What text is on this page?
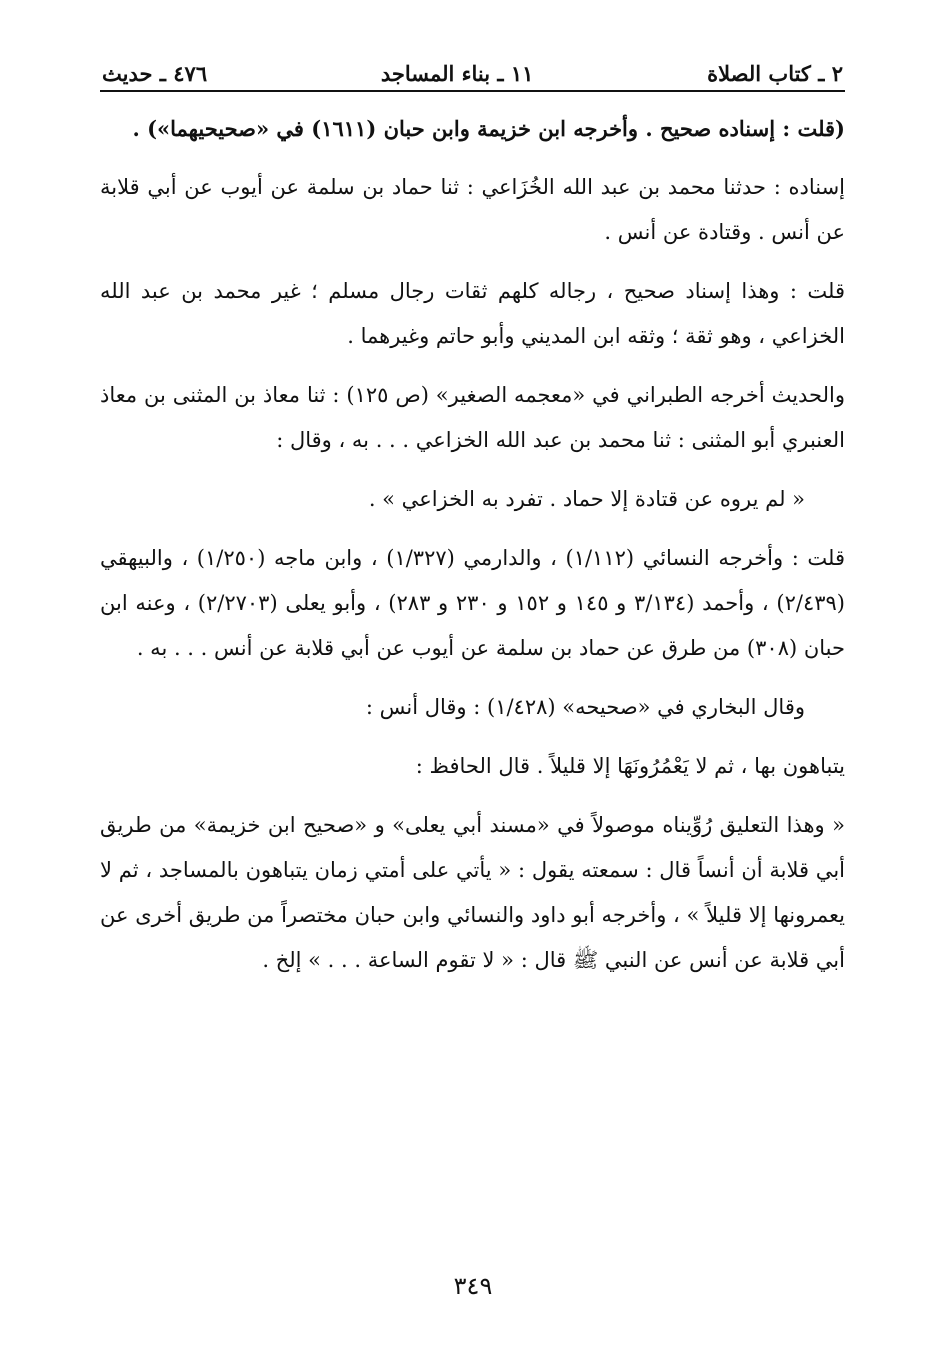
٢ ـ كتاب الصلاة
١١ ـ بناء المساجد
٤٧٦ ـ حديث

(قلت : إسناده صحيح . وأخرجه ابن خزيمة وابن حبان (١٦١١) في «صحيحيهما») .

إسناده : حدثنا محمد بن عبد الله الخُزَاعي : ثنا حماد بن سلمة عن أيوب عن أبي قلابة عن أنس . وقتادة عن أنس .

قلت : وهذا إسناد صحيح ، رجاله كلهم ثقات رجال مسلم ؛ غير محمد بن عبد الله الخزاعي ، وهو ثقة ؛ وثقه ابن المديني وأبو حاتم وغيرهما .

والحديث أخرجه الطبراني في «معجمه الصغير» (ص ١٢٥) : ثنا معاذ بن المثنى بن معاذ العنبري أبو المثنى : ثنا محمد بن عبد الله الخزاعي . . . به ، وقال :

« لم يروه عن قتادة إلا حماد . تفرد به الخزاعي » .

قلت : وأخرجه النسائي (١/١١٢) ، والدارمي (١/٣٢٧) ، وابن ماجه (١/٢٥٠) ، والبيهقي (٢/٤٣٩) ، وأحمد (٣/١٣٤ و ١٤٥ و ١٥٢ و ٢٣٠ و ٢٨٣) ، وأبو يعلى (٢/٢٧٠٣) ، وعنه ابن حبان (٣٠٨) من طرق عن حماد بن سلمة عن أيوب عن أبي قلابة عن أنس . . . به .

وقال البخاري في «صحيحه» (١/٤٢٨) : وقال أنس :

يتباهون بها ، ثم لا يَعْمُرُونَهَا إلا قليلاً . قال الحافظ :

« وهذا التعليق رُوِّيناه موصولاً في «مسند أبي يعلى» و «صحيح ابن خزيمة» من طريق أبي قلابة أن أنساً قال : سمعته يقول : « يأتي على أمتي زمان يتباهون بالمساجد ، ثم لا يعمرونها إلا قليلاً » ، وأخرجه أبو داود والنسائي وابن حبان مختصراً من طريق أخرى عن أبي قلابة عن أنس عن النبي ﷺ قال : « لا تقوم الساعة . . . » إلخ .

٣٤٩
